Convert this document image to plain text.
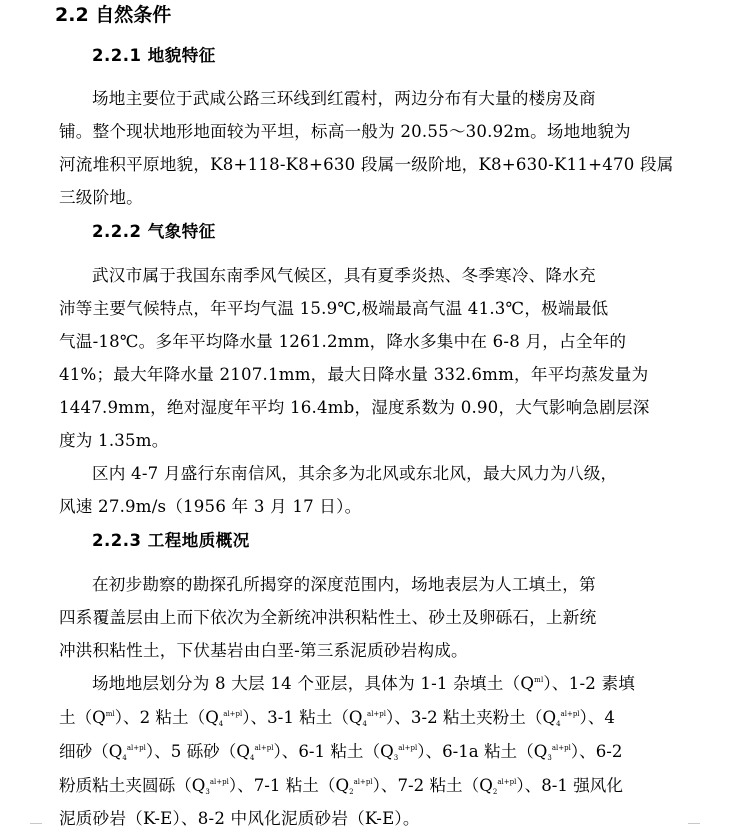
2.2 自然条件
2.2.1 地貌特征
场地主要位于武咸公路三环线到红霞村，两边分布有大量的楼房及商
铺。整个现状地形地面较为平坦，标高一般为 20.55～30.92m。场地地貌为
河流堆积平原地貌，K8+118-K8+630 段属一级阶地，K8+630-K11+470 段属
三级阶地。
2.2.2 气象特征
武汉市属于我国东南季风气候区，具有夏季炎热、冬季寒冷、降水充
沛等主要气候特点，年平均气温 15.9℃,极端最高气温 41.3℃，极端最低
气温-18℃。多年平均降水量 1261.2mm，降水多集中在 6-8 月，占全年的
41%；最大年降水量 2107.1mm，最大日降水量 332.6mm，年平均蒸发量为
1447.9mm，绝对湿度年平均 16.4mb，湿度系数为 0.90，大气影响急剧层深
度为 1.35m。
区内 4-7 月盛行东南信风，其余多为北风或东北风，最大风力为八级，
风速 27.9m/s（1956 年 3 月 17 日）。
2.2.3 工程地质概况
在初步勘察的勘探孔所揭穿的深度范围内，场地表层为人工填土，第
四系覆盖层由上而下依次为全新统冲洪积粘性土、砂土及卵砾石，上新统
冲洪积粘性土，下伏基岩由白垩-第三系泥质砂岩构成。
场地地层划分为 8 大层 14 个亚层，具体为 1-1 杂填土$(Q^{ml})$、1-2 素填
土$(Q^{ml})$、2 粘土$(Q_4^{al+pl})$、3-1 粘土$(Q_4^{al+pl})$、3-2 粘土夹粉土$(Q_4^{al+pl})$、4
细砂$(Q_4^{al+pl})$、5 砾砂$(Q_4^{al+pl})$、6-1 粘土$(Q_3^{al+pl})$、6-1a 粘土$(Q_3^{al+pl})$、6-2
粉质粘土夹圆砾$(Q_3^{al+pl})$、7-1 粘土$(Q_2^{al+pl})$、7-2 粘土$(Q_2^{al+pl})$、8-1 强风化
泥质砂岩（K-E）、8-2 中风化泥质砂岩（K-E）。
